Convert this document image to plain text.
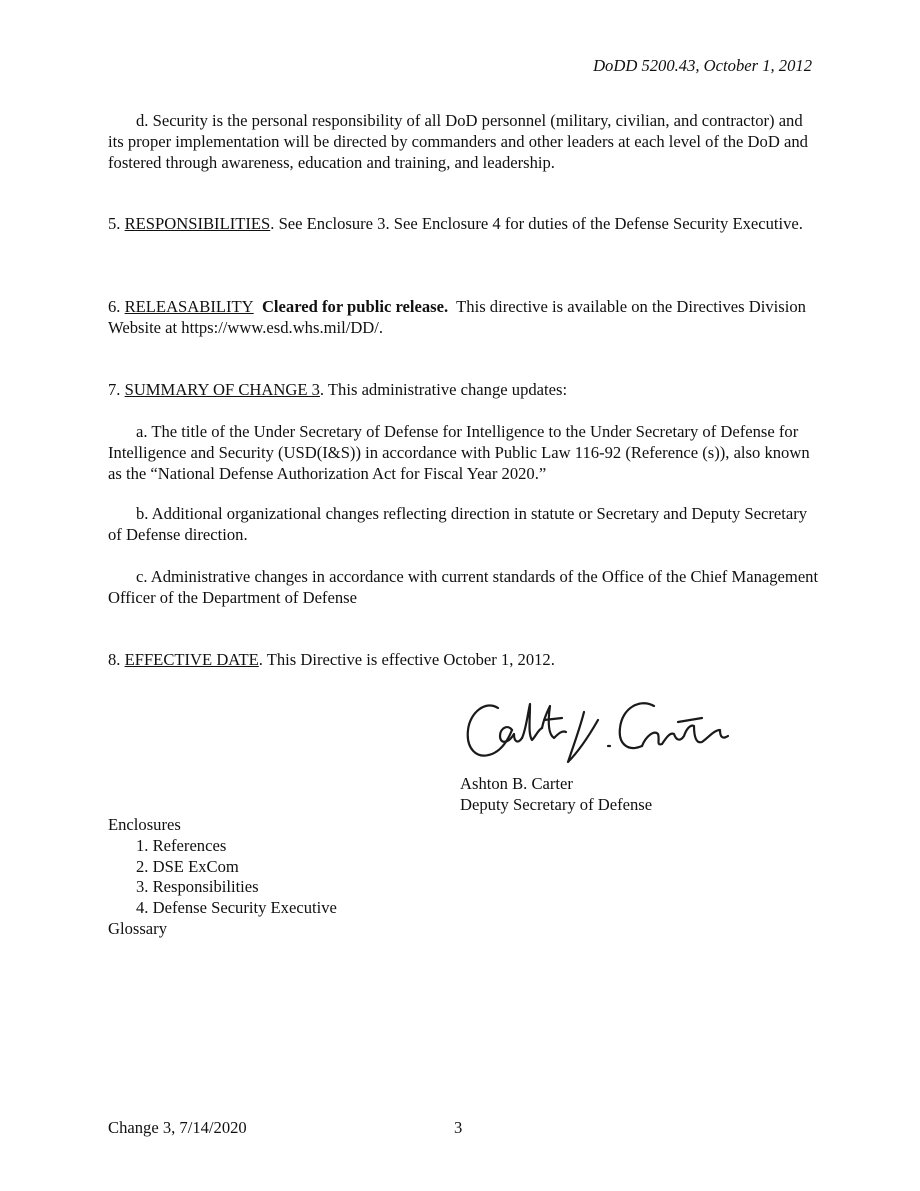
DoDD 5200.43, October 1, 2012

d. Security is the personal responsibility of all DoD personnel (military, civilian, and contractor) and its proper implementation will be directed by commanders and other leaders at each level of the DoD and fostered through awareness, education and training, and leadership.

5. RESPONSIBILITIES. See Enclosure 3. See Enclosure 4 for duties of the Defense Security Executive.

6. RELEASABILITY  Cleared for public release.  This directive is available on the Directives Division Website at https://www.esd.whs.mil/DD/.

7. SUMMARY OF CHANGE 3. This administrative change updates:

a. The title of the Under Secretary of Defense for Intelligence to the Under Secretary of Defense for Intelligence and Security (USD(I&S)) in accordance with Public Law 116-92 (Reference (s)), also known as the “National Defense Authorization Act for Fiscal Year 2020.”

b. Additional organizational changes reflecting direction in statute or Secretary and Deputy Secretary of Defense direction.

c. Administrative changes in accordance with current standards of the Office of the Chief Management Officer of the Department of Defense

8. EFFECTIVE DATE. This Directive is effective October 1, 2012.

Ashton B. Carter
Deputy Secretary of Defense
Enclosures
1. References
2. DSE ExCom
3. Responsibilities
4. Defense Security Executive
Glossary
Change 3, 7/14/2020	3
